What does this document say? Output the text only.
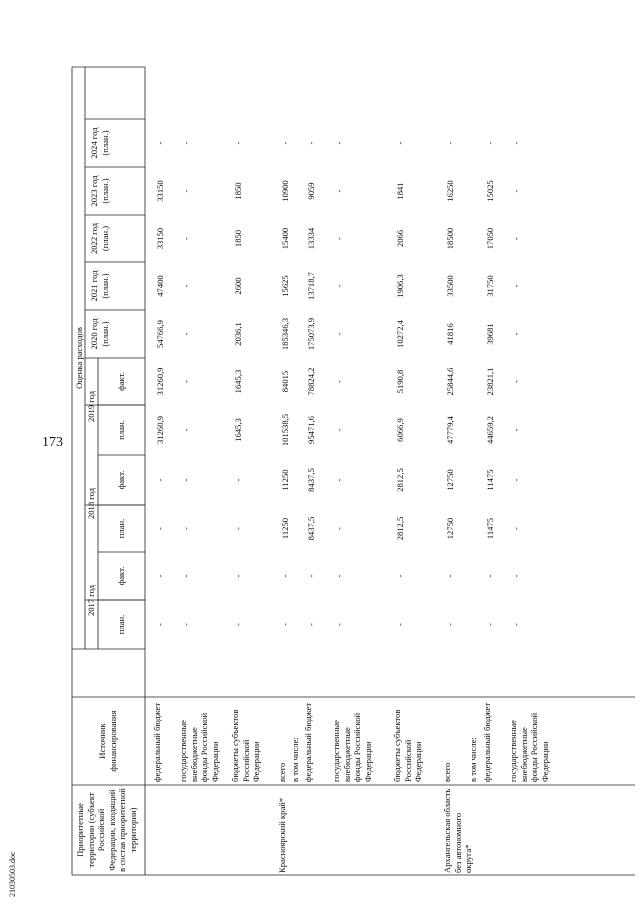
173
2103050З.doc
Приоритетные территории (субъект Российской Федерации, входящий в состав приоритетной территории)
Источник финансирования
Оценка расходов
2017 год
2018 год
2019 год
план.
факт.
план.
факт.
план.
факт.
2020 год (план.)
2021 год (план.)
2022 год (план.)
2023 год (план.)
2024 год (план.)
федеральный бюджет
-
-
-
-
31260,9
31260,9
54766,9
47400
33150
33150
-
государственные внебюджетные фонды Российской Федерации
-
-
-
-
-
-
-
-
-
-
-
бюджеты субъектов Российской Федерации
-
-
-
-
1645,3
1645,3
2036,1
2600
1850
1850
-
Красноярский край*
всего
-
-
11250
11250
101538,5
84015
185346,3
15625
15400
10900
-
в том числе: федеральный бюджет
-
-
8437,5
8437,5
95471,6
78824,2
175073,9
13718,7
13334
9059
-
государственные внебюджетные фонды Российской Федерации
-
-
-
-
-
-
-
-
-
-
-
бюджеты субъектов Российской Федерации
-
-
2812,5
2812,5
6066,9
5190,8
10272,4
1906,3
2066
1841
-
Архангельская область без автономного округа*
всего
-
-
12750
12750
47779,4
25844,6
41816
33500
18500
16250
-
в том числе: федеральный бюджет
-
-
11475
11475
44659,2
23821,1
39681
31750
17050
15025
-
государственные внебюджетные фонды Российской Федерации
-
-
-
-
-
-
-
-
-
-
-
